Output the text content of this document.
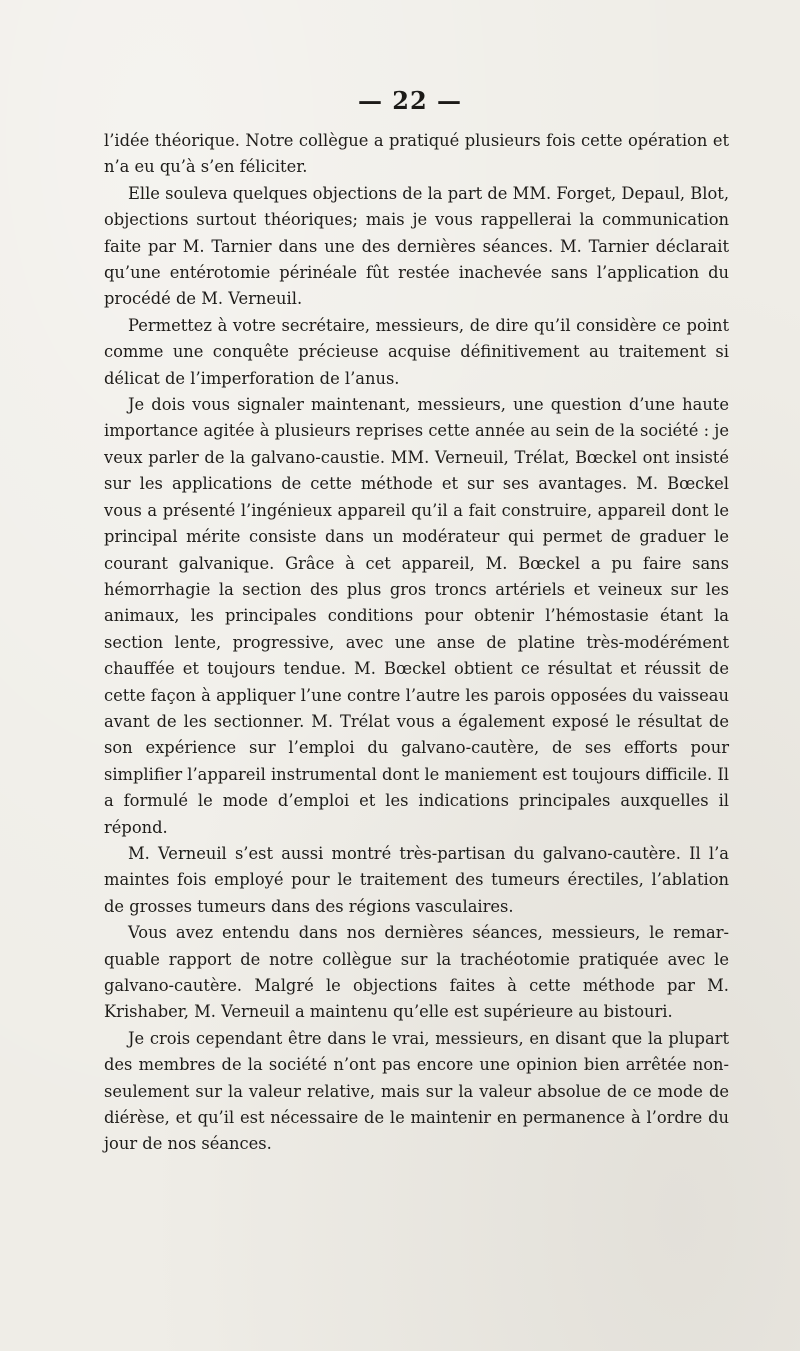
— 22 —

l’idée théorique. Notre collègue a pratiqué plusieurs fois cette opération et n’a eu qu’à s’en féliciter.

Elle souleva quelques objections de la part de MM. Forget, Depaul, Blot, objections surtout théoriques; mais je vous rappellerai la communication faite par M. Tarnier dans une des dernières séances. M. Tarnier déclarait qu’une entérotomie périnéale fût restée inachevée sans l’application du procédé de M. Verneuil.

Permettez à votre secrétaire, messieurs, de dire qu’il considère ce point comme une conquête précieuse acquise définitivement au traitement si délicat de l’imperforation de l’anus.

Je dois vous signaler maintenant, messieurs, une question d’une haute importance agitée à plusieurs reprises cette année au sein de la société : je veux parler de la galvano-caustie. MM. Verneuil, Trélat, Bœckel ont insisté sur les applications de cette méthode et sur ses avantages. M. Bœckel vous a présenté l’ingénieux appareil qu’il a fait construire, appareil dont le principal mérite consiste dans un modérateur qui permet de graduer le courant galvanique. Grâce à cet appareil, M. Bœckel a pu faire sans hémorrhagie la section des plus gros troncs artériels et veineux sur les animaux, les principales conditions pour obtenir l’hémostasie étant la section lente, progressive, avec une anse de platine très-modérément chauffée et toujours tendue. M. Bœckel obtient ce résultat et réussit de cette façon à appliquer l’une contre l’autre les parois opposées du vaisseau avant de les sectionner. M. Trélat vous a également exposé le résultat de son expérience sur l’emploi du galvano-cautère, de ses efforts pour simplifier l’appareil instrumental dont le maniement est toujours difficile. Il a formulé le mode d’emploi et les indications principales auxquelles il répond.

M. Verneuil s’est aussi montré très-partisan du galvano-cautère. Il l’a maintes fois employé pour le traitement des tumeurs érectiles, l’ablation de grosses tumeurs dans des régions vasculaires.

Vous avez entendu dans nos dernières séances, messieurs, le remarquable rapport de notre collègue sur la trachéotomie pratiquée avec le galvano-cautère. Malgré le objections faites à cette méthode par M. Krishaber, M. Verneuil a maintenu qu’elle est supérieure au bistouri.

Je crois cependant être dans le vrai, messieurs, en disant que la plupart des membres de la société n’ont pas encore une opinion bien arrêtée non-seulement sur la valeur relative, mais sur la valeur absolue de ce mode de diérèse, et qu’il est nécessaire de le maintenir en permanence à l’ordre du jour de nos séances.
